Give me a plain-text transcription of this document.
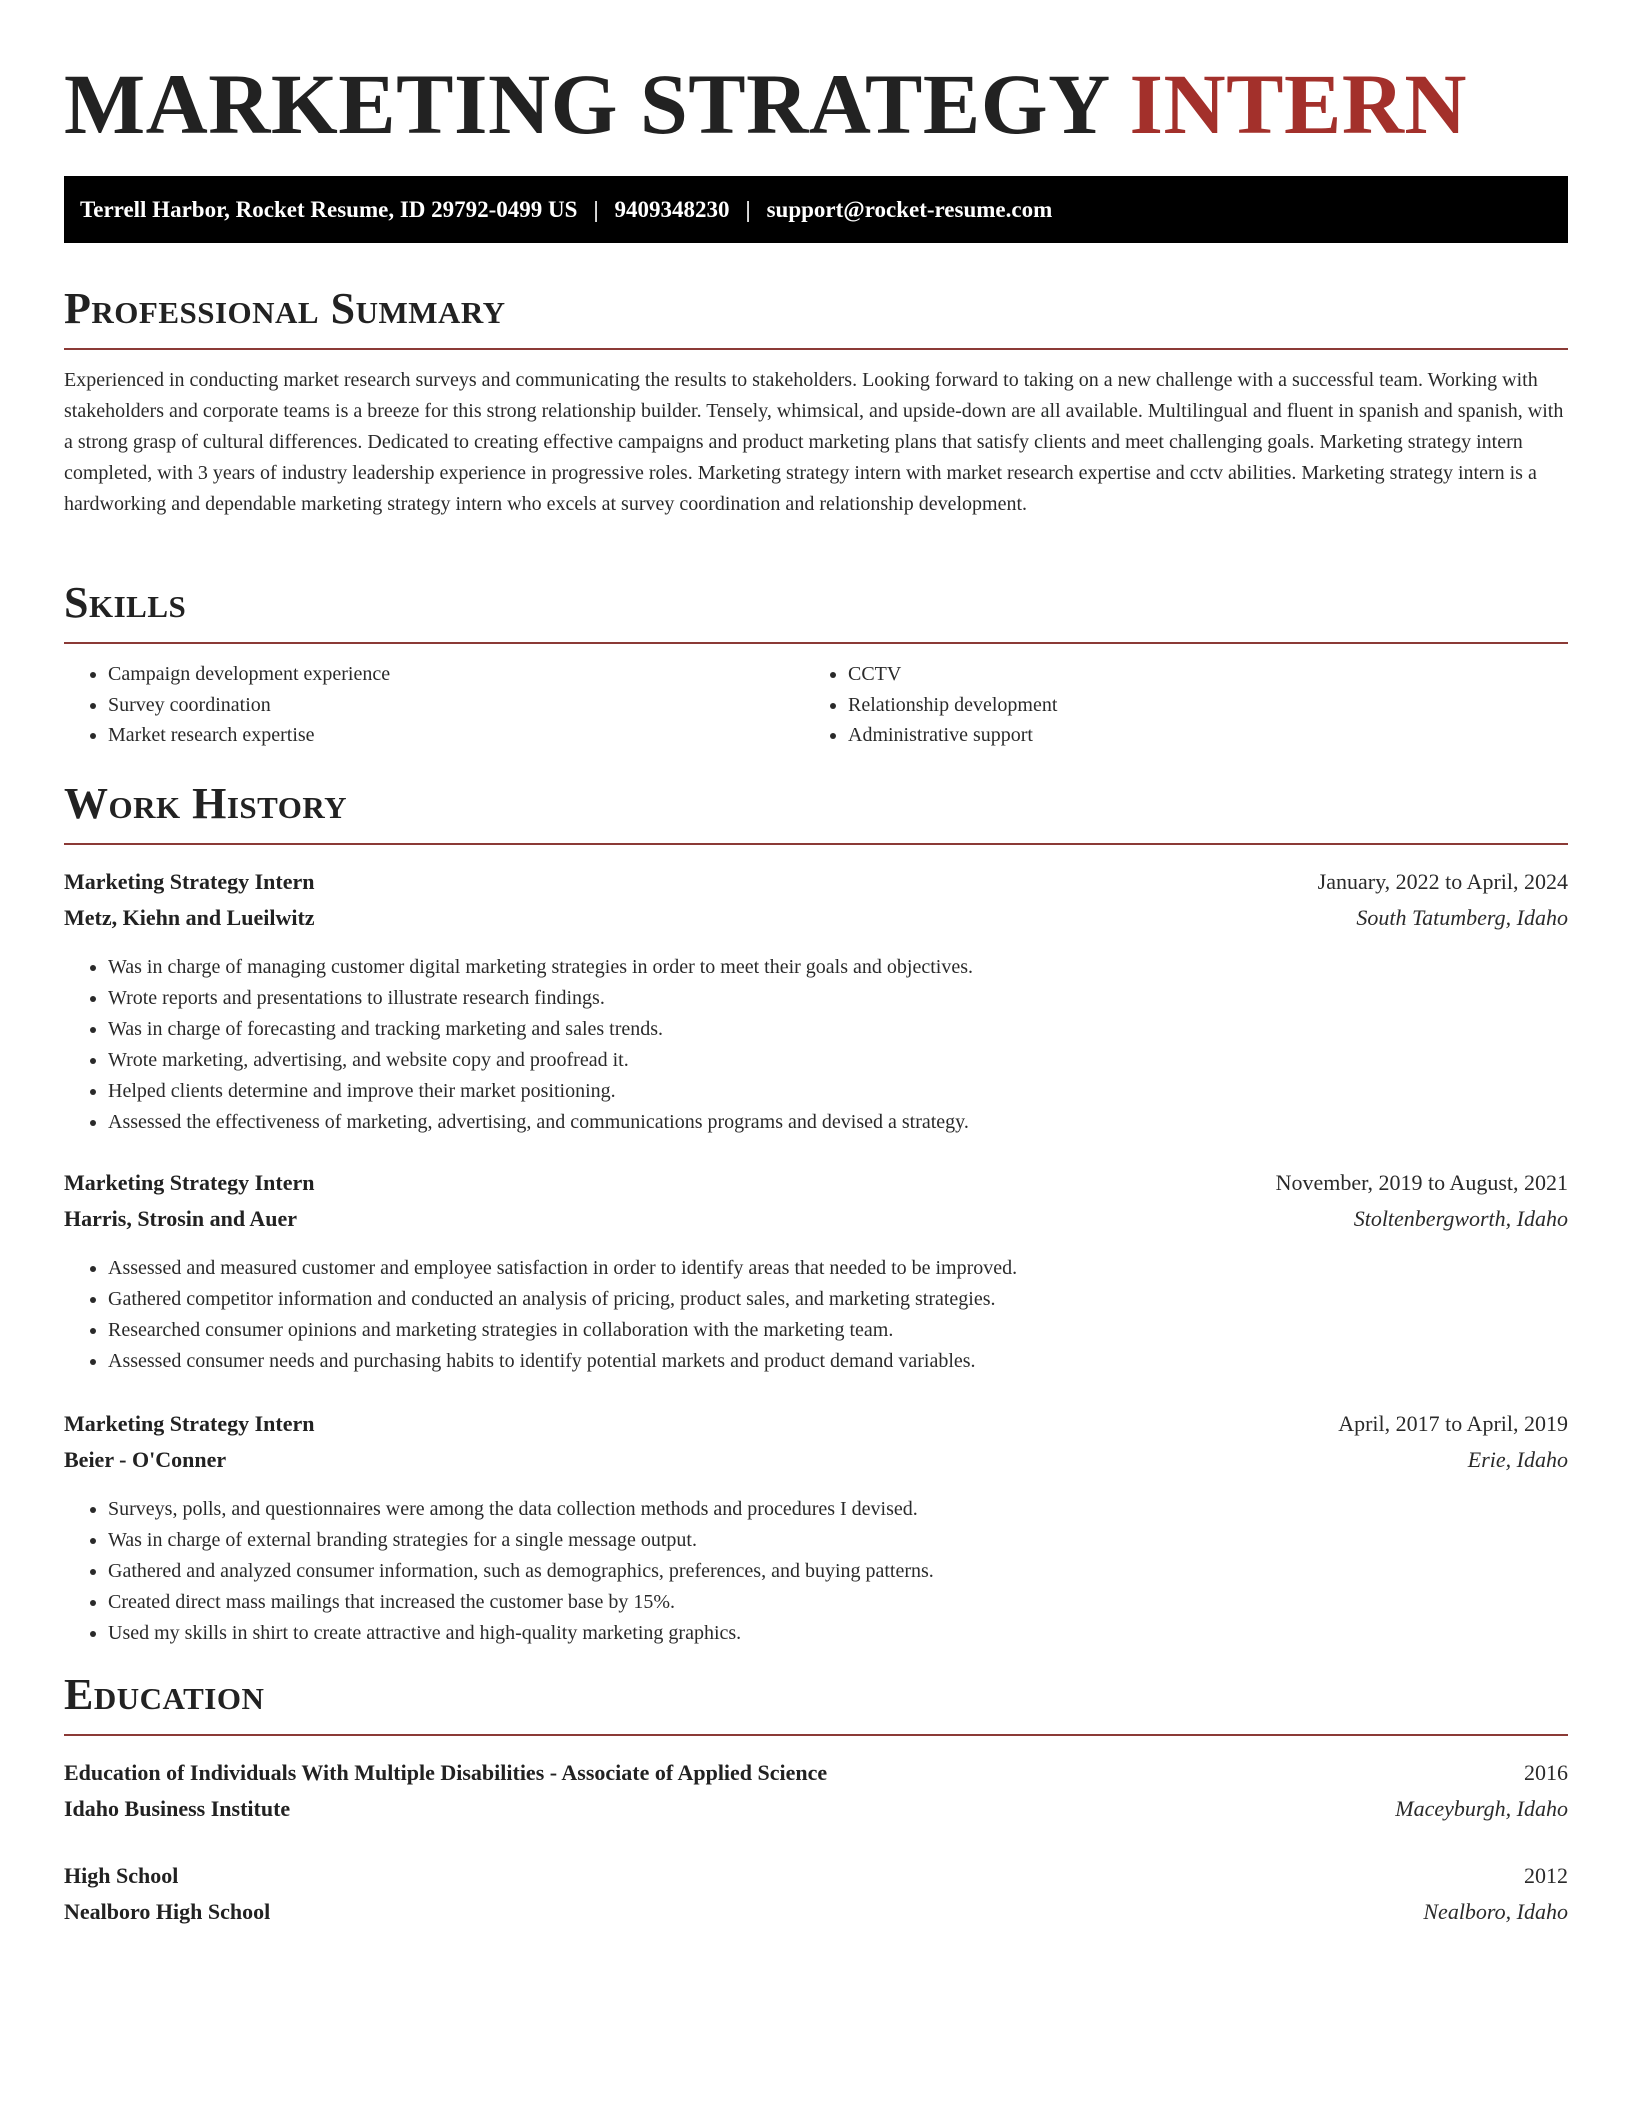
MARKETING STRATEGY INTERN
Terrell Harbor, Rocket Resume, ID 29792-0499 US | 9409348230 | support@rocket-resume.com
Professional Summary
Experienced in conducting market research surveys and communicating the results to stakeholders. Looking forward to taking on a new challenge with a successful team. Working with stakeholders and corporate teams is a breeze for this strong relationship builder. Tensely, whimsical, and upside-down are all available. Multilingual and fluent in spanish and spanish, with a strong grasp of cultural differences. Dedicated to creating effective campaigns and product marketing plans that satisfy clients and meet challenging goals. Marketing strategy intern completed, with 3 years of industry leadership experience in progressive roles. Marketing strategy intern with market research expertise and cctv abilities. Marketing strategy intern is a hardworking and dependable marketing strategy intern who excels at survey coordination and relationship development.
Skills
• Campaign development experience
• Survey coordination
• Market research expertise
• CCTV
• Relationship development
• Administrative support
Work History
Marketing Strategy Intern	January, 2022 to April, 2024
Metz, Kiehn and Lueilwitz	South Tatumberg, Idaho
• Was in charge of managing customer digital marketing strategies in order to meet their goals and objectives.
• Wrote reports and presentations to illustrate research findings.
• Was in charge of forecasting and tracking marketing and sales trends.
• Wrote marketing, advertising, and website copy and proofread it.
• Helped clients determine and improve their market positioning.
• Assessed the effectiveness of marketing, advertising, and communications programs and devised a strategy.
Marketing Strategy Intern	November, 2019 to August, 2021
Harris, Strosin and Auer	Stoltenbergworth, Idaho
• Assessed and measured customer and employee satisfaction in order to identify areas that needed to be improved.
• Gathered competitor information and conducted an analysis of pricing, product sales, and marketing strategies.
• Researched consumer opinions and marketing strategies in collaboration with the marketing team.
• Assessed consumer needs and purchasing habits to identify potential markets and product demand variables.
Marketing Strategy Intern	April, 2017 to April, 2019
Beier - O'Conner	Erie, Idaho
• Surveys, polls, and questionnaires were among the data collection methods and procedures I devised.
• Was in charge of external branding strategies for a single message output.
• Gathered and analyzed consumer information, such as demographics, preferences, and buying patterns.
• Created direct mass mailings that increased the customer base by 15%.
• Used my skills in shirt to create attractive and high-quality marketing graphics.
Education
Education of Individuals With Multiple Disabilities - Associate of Applied Science	2016
Idaho Business Institute	Maceyburgh, Idaho
High School	2012
Nealboro High School	Nealboro, Idaho
